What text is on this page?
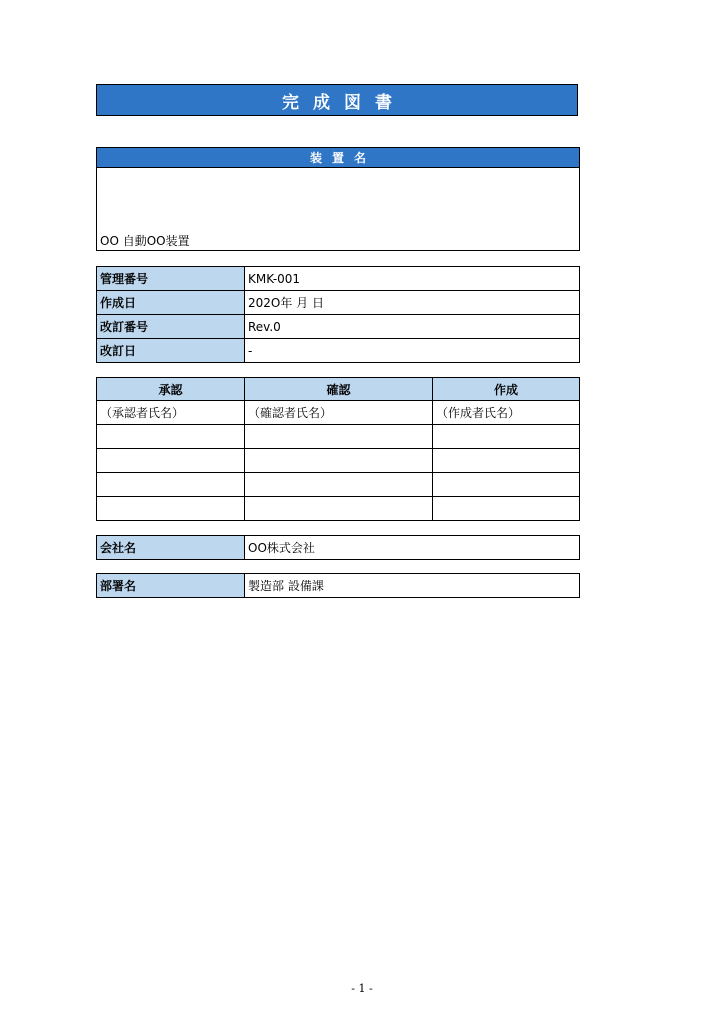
完成図書
装置名
OO 自動OO装置
管理番号	KMK-001
作成日	202O年 月 日
改訂番号	Rev.0
改訂日	-
承認	確認	作成
（承認者氏名）	（確認者氏名）	（作成者氏名）

会社名	OO株式会社
部署名	製造部 設備課
- 1 -
